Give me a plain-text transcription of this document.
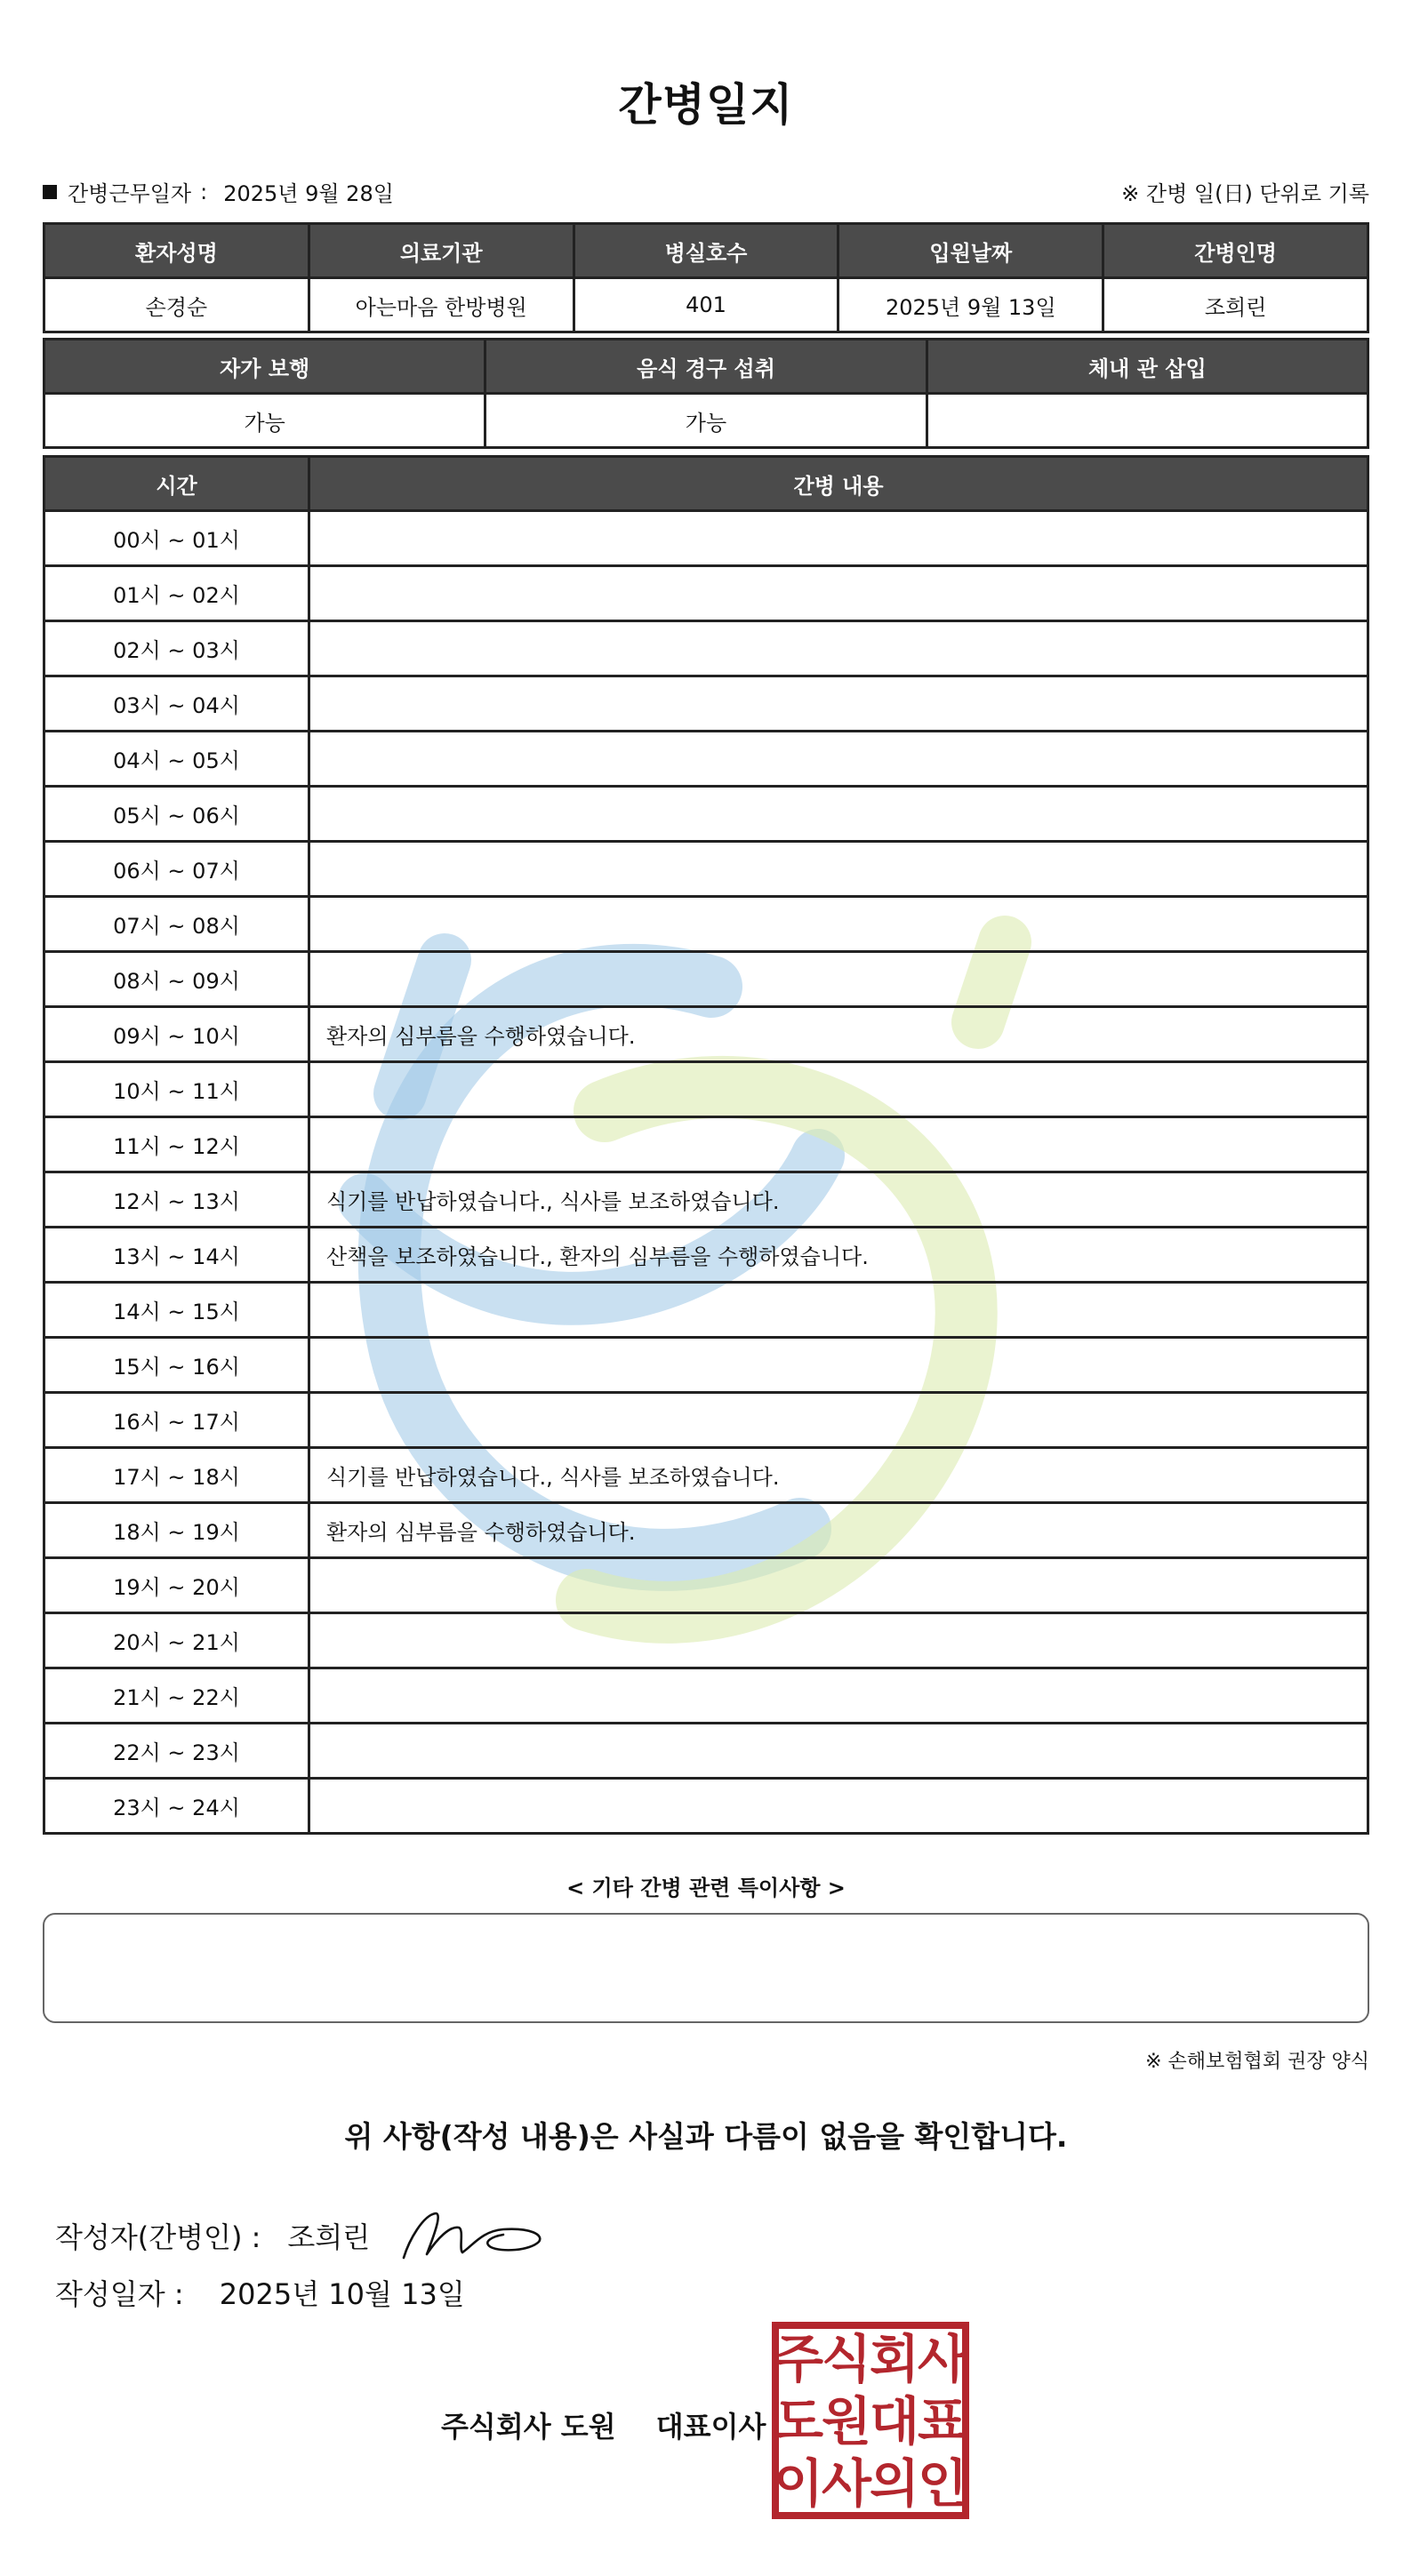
간병일지
간병근무일자 : 2025년 9월 28일	※ 간병 일(日) 단위로 기록
환자성명	의료기관	병실호수	입원날짜	간병인명
손경순	아는마음 한방병원	401	2025년 9월 13일	조희린
자가 보행	음식 경구 섭취	체내 관 삽입
가능	가능	
시간	간병 내용
00시 ~ 01시	
01시 ~ 02시	
02시 ~ 03시	
03시 ~ 04시	
04시 ~ 05시	
05시 ~ 06시	
06시 ~ 07시	
07시 ~ 08시	
08시 ~ 09시	
09시 ~ 10시	환자의 심부름을 수행하였습니다.
10시 ~ 11시	
11시 ~ 12시	
12시 ~ 13시	식기를 반납하였습니다., 식사를 보조하였습니다.
13시 ~ 14시	산책을 보조하였습니다., 환자의 심부름을 수행하였습니다.
14시 ~ 15시	
15시 ~ 16시	
16시 ~ 17시	
17시 ~ 18시	식기를 반납하였습니다., 식사를 보조하였습니다.
18시 ~ 19시	환자의 심부름을 수행하였습니다.
19시 ~ 20시	
20시 ~ 21시	
21시 ~ 22시	
22시 ~ 23시	
23시 ~ 24시	
< 기타 간병 관련 특이사항 >
※ 손해보험협회 권장 양식
위 사항(작성 내용)은 사실과 다름이 없음을 확인합니다.
작성자(간병인) : 조희린
작성일자 : 2025년 10월 13일
주식회사 도원 대표이사
주
식
회
사
도
원
대
표
이
사
의
인
